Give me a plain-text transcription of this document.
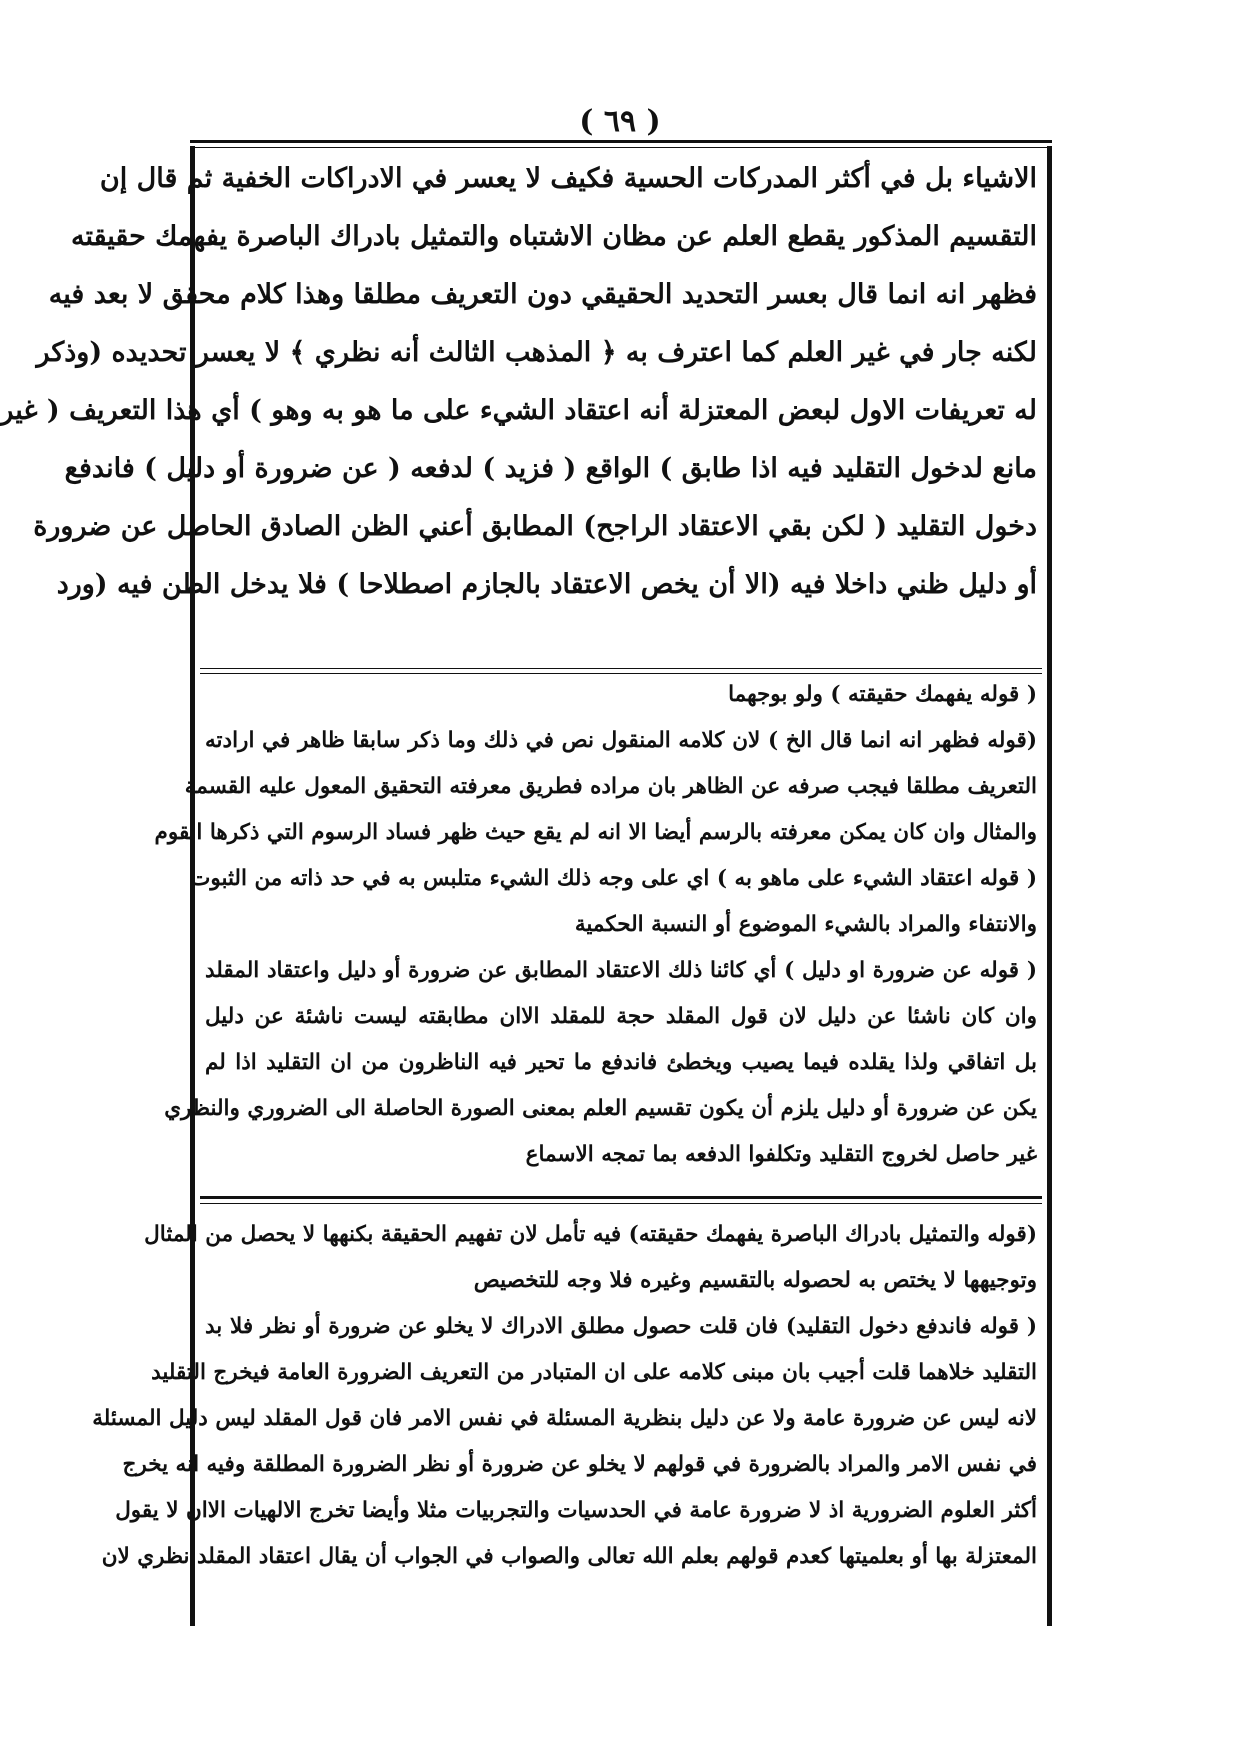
( ٦٩ )
الاشياء بل في أكثر المدركات الحسية فكيف لا يعسر في الادراكات الخفية ثم قال إن
التقسيم المذكور يقطع العلم عن مظان الاشتباه والتمثيل بادراك الباصرة يفهمك حقيقته
فظهر انه انما قال بعسر التحديد الحقيقي دون التعريف مطلقا وهذا كلام محقق لا بعد فيه
لكنه جار في غير العلم كما اعترف به ﴿ المذهب الثالث أنه نظري ﴾ لا يعسر تحديده (وذكر
له تعريفات الاول لبعض المعتزلة أنه اعتقاد الشيء على ما هو به وهو ) أي هذا التعريف ( غير
مانع لدخول التقليد فيه اذا طابق ) الواقع ( فزيد ) لدفعه ( عن ضرورة أو دليل ) فاندفع
دخول التقليد ( لكن بقي الاعتقاد الراجح) المطابق أعني الظن الصادق الحاصل عن ضرورة
أو دليل ظني داخلا فيه (الا أن يخص الاعتقاد بالجازم اصطلاحا ) فلا يدخل الظن فيه (ورد
( قوله يفهمك حقيقته ) ولو بوجهما
(قوله فظهر انه انما قال الخ ) لان كلامه المنقول نص في ذلك وما ذكر سابقا ظاهر في ارادته
التعريف مطلقا فيجب صرفه عن الظاهر بان مراده فطريق معرفته التحقيق المعول عليه القسمة
والمثال وان كان يمكن معرفته بالرسم أيضا الا انه لم يقع حيث ظهر فساد الرسوم التي ذكرها القوم
( قوله اعتقاد الشيء على ماهو به ) اي على وجه ذلك الشيء متلبس به في حد ذاته من الثبوت
والانتفاء والمراد بالشيء الموضوع أو النسبة الحكمية
( قوله عن ضرورة او دليل ) أي كائنا ذلك الاعتقاد المطابق عن ضرورة أو دليل واعتقاد المقلد
وان كان ناشئا عن دليل لان قول المقلد حجة للمقلد الاان مطابقته ليست ناشئة عن دليل
بل اتفاقي ولذا يقلده فيما يصيب ويخطئ فاندفع ما تحير فيه الناظرون من ان التقليد اذا لم
يكن عن ضرورة أو دليل يلزم أن يكون تقسيم العلم بمعنى الصورة الحاصلة الى الضروري والنظري
غير حاصل لخروج التقليد وتكلفوا الدفعه بما تمجه الاسماع
(قوله والتمثيل بادراك الباصرة يفهمك حقيقته) فيه تأمل لان تفهيم الحقيقة بكنهها لا يحصل من المثال
وتوجيهها لا يختص به لحصوله بالتقسيم وغيره فلا وجه للتخصيص
( قوله فاندفع دخول التقليد) فان قلت حصول مطلق الادراك لا يخلو عن ضرورة أو نظر فلا بد
التقليد خلاهما قلت أجيب بان مبنى كلامه على ان المتبادر من التعريف الضرورة العامة فيخرج التقليد
لانه ليس عن ضرورة عامة ولا عن دليل بنظرية المسئلة في نفس الامر فان قول المقلد ليس دليل المسئلة
في نفس الامر والمراد بالضرورة في قولهم لا يخلو عن ضرورة أو نظر الضرورة المطلقة وفيه انه يخرج
أكثر العلوم الضرورية اذ لا ضرورة عامة في الحدسيات والتجربيات مثلا وأيضا تخرج الالهيات الاان لا يقول
المعتزلة بها أو بعلميتها كعدم قولهم بعلم الله تعالى والصواب في الجواب أن يقال اعتقاد المقلد نظري لان
